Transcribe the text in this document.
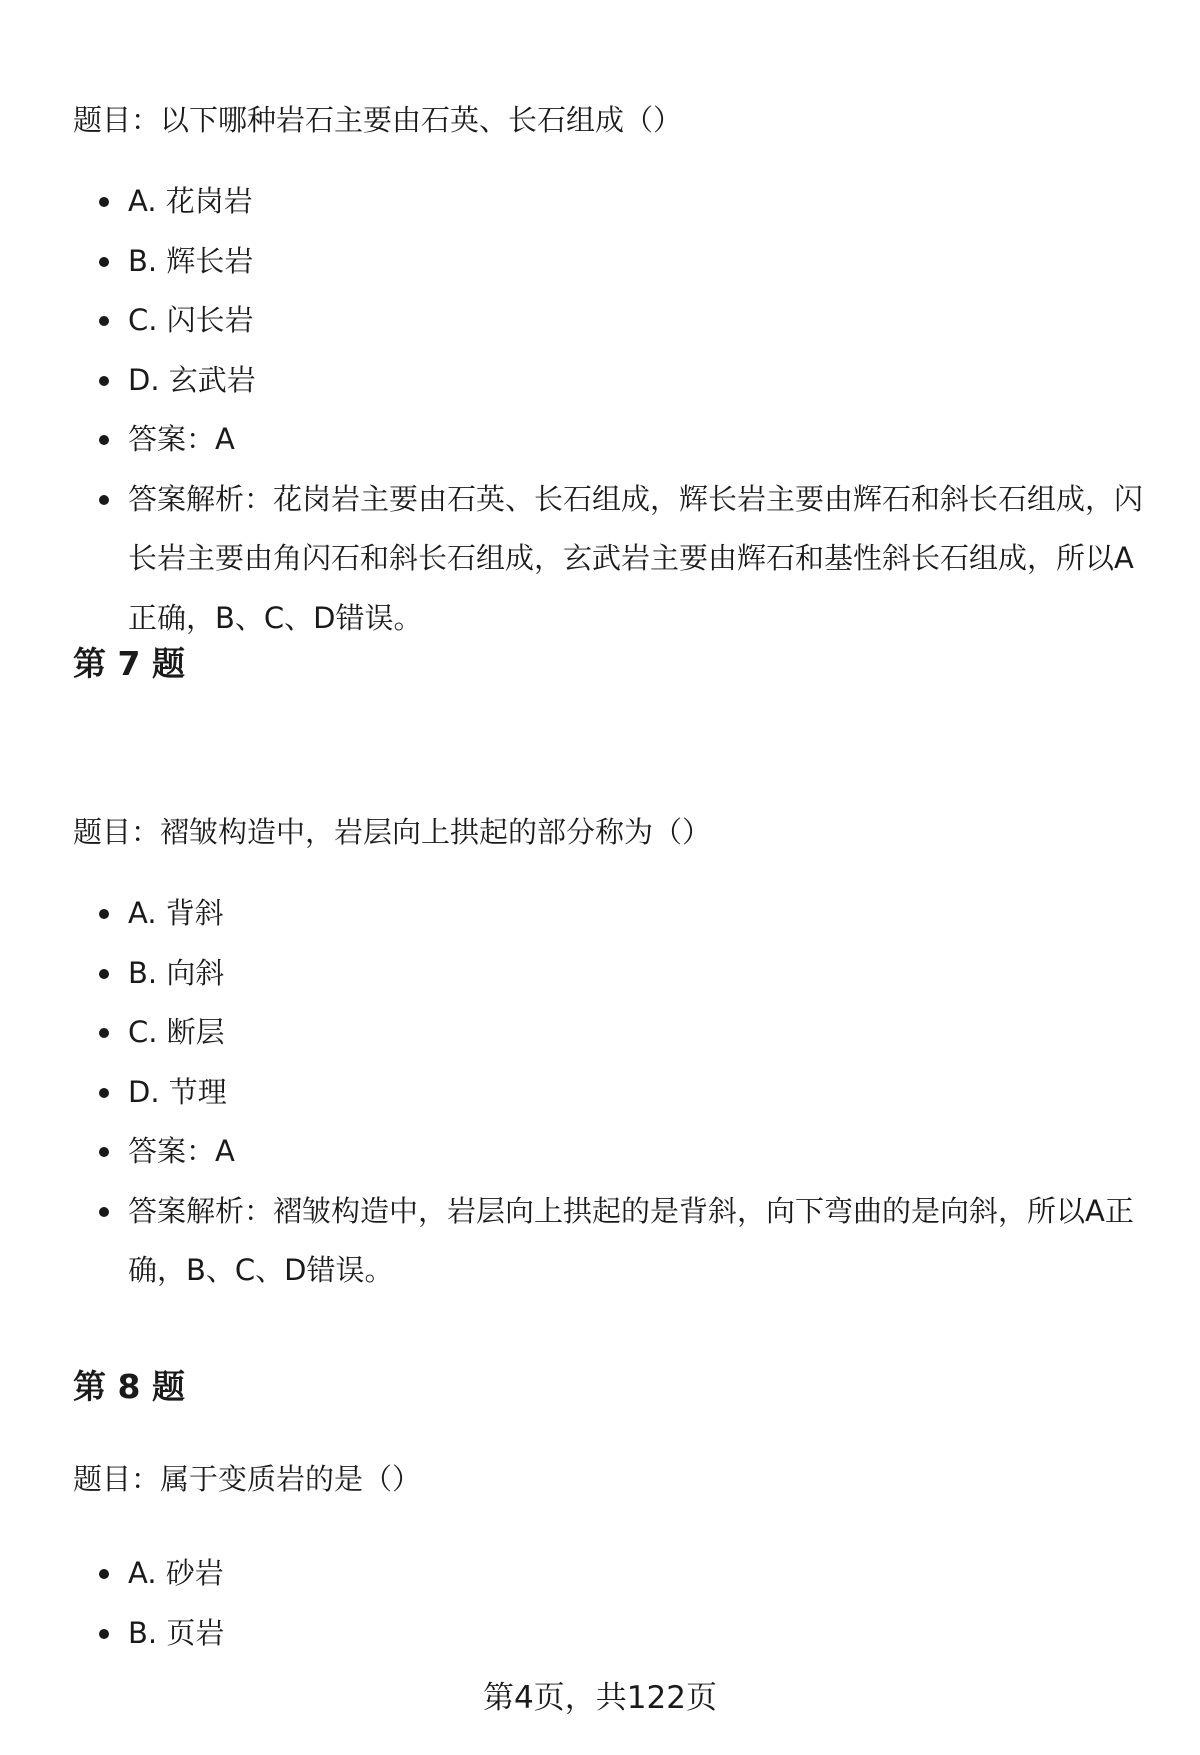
题目：以下哪种岩石主要由石英、长石组成（）
A. 花岗岩
B. 辉长岩
C. 闪长岩
D. 玄武岩
答案：A
答案解析：花岗岩主要由石英、长石组成，辉长岩主要由辉石和斜长石组成，闪长岩主要由角闪石和斜长石组成，玄武岩主要由辉石和基性斜长石组成，所以A正确，B、C、D错误。
第 7 题
题目：褶皱构造中，岩层向上拱起的部分称为（）
A. 背斜
B. 向斜
C. 断层
D. 节理
答案：A
答案解析：褶皱构造中，岩层向上拱起的是背斜，向下弯曲的是向斜，所以A正确，B、C、D错误。
第 8 题
题目：属于变质岩的是（）
A. 砂岩
B. 页岩
第4页，共122页
